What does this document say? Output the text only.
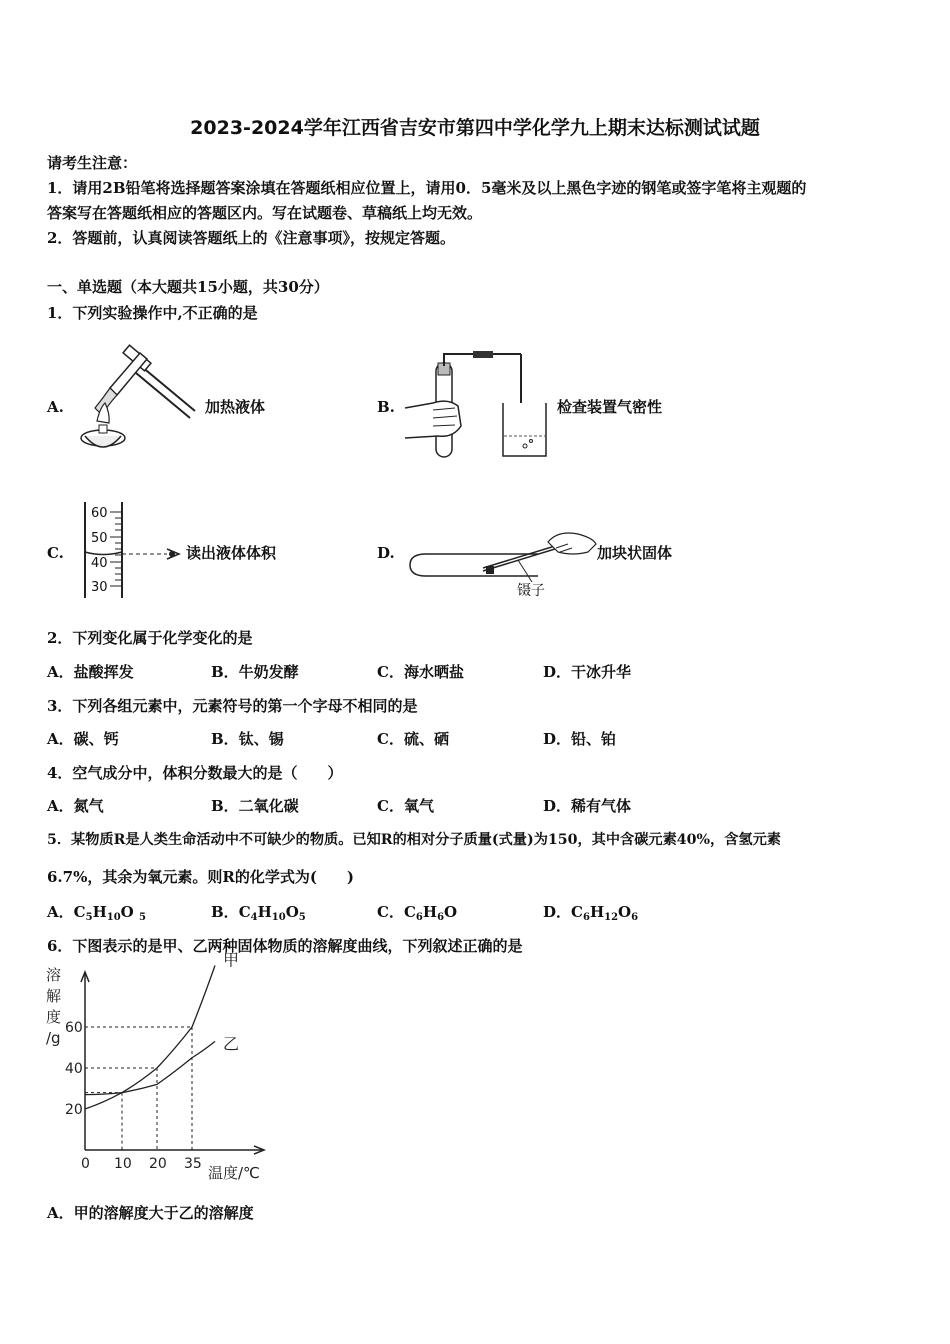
2023-2024学年江西省吉安市第四中学化学九上期末达标测试试题
请考生注意：
1．请用2B铅笔将选择题答案涂填在答题纸相应位置上，请用0．5毫米及以上黑色字迹的钢笔或签字笔将主观题的
答案写在答题纸相应的答题区内。写在试题卷、草稿纸上均无效。
2．答题前，认真阅读答题纸上的《注意事项》，按规定答题。
一、单选题（本大题共15小题，共30分）
1．下列实验操作中,不正确的是
A.	加热液体	B.	检查装置气密性
C.
60
50
40
30
读出液体体积	D.	加块状固体
镊子
2．下列变化属于化学变化的是
A．盐酸挥发	B．牛奶发酵	C．海水晒盐	D．干冰升华
3．下列各组元素中，元素符号的第一个字母不相同的是
A．碳、钙	B．钛、锡	C．硫、硒	D．铅、铂
4．空气成分中，体积分数最大的是（　　）
A．氮气	B．二氧化碳	C．氧气	D．稀有气体
5．某物质R是人类生命活动中不可缺少的物质。已知R的相对分子质量(式量)为150，其中含碳元素40%，含氢元素
6.7%，其余为氧元素。则R的化学式为(　　)
A．$C_5H_{10}O$ $_5$	B．$C_4H_{10}O_5$	C．$C_6H_6O$	D．$C_6H_{12}O_6$
6．下图表示的是甲、乙两种固体物质的溶解度曲线，下列叙述正确的是
甲
乙
60
40
20
0 10 20 35
溶
解
度
/g
温度/℃
A．甲的溶解度大于乙的溶解度
